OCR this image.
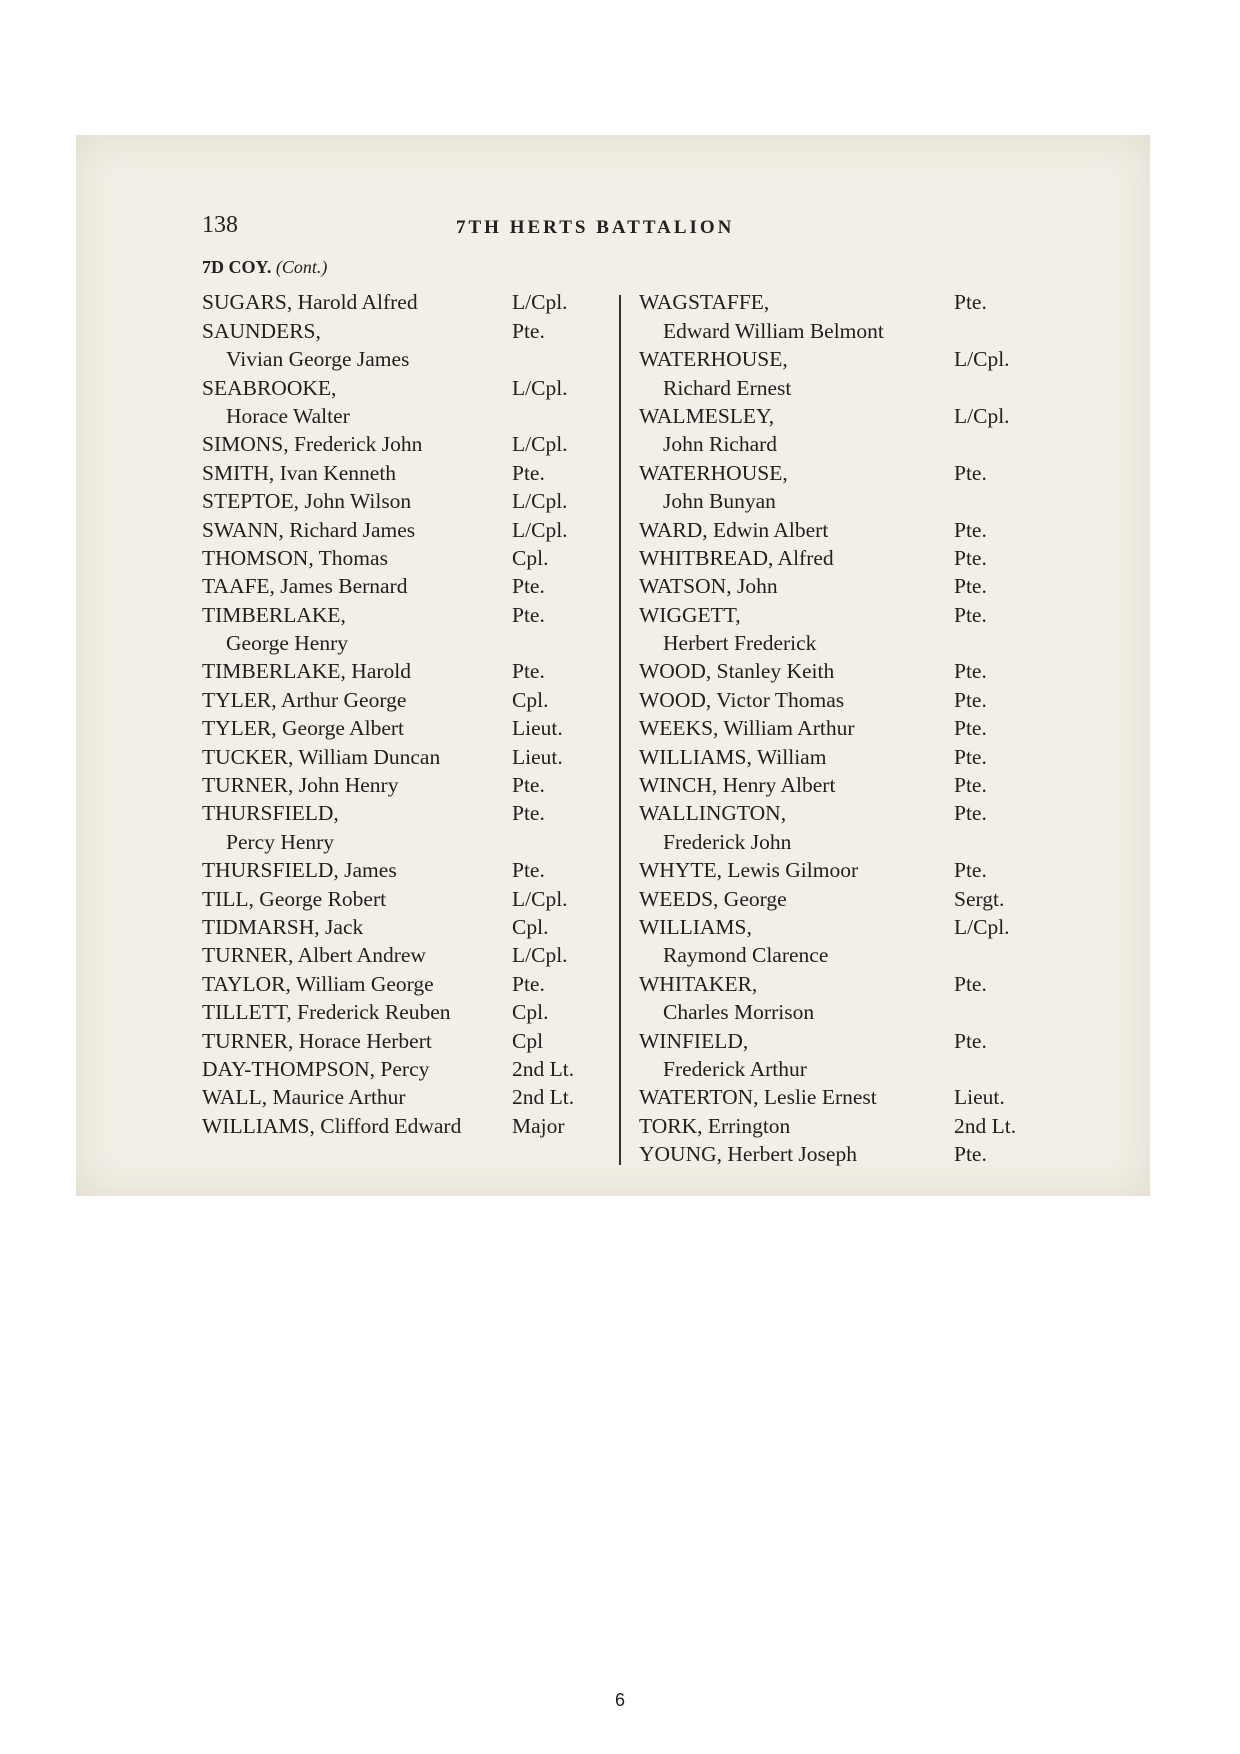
138	7TH HERTS BATTALION
7D COY. (Cont.)
SUGARS, Harold Alfred	L/Cpl.
SAUNDERS,	Pte.
Vivian George James
SEABROOKE,	L/Cpl.
Horace Walter
SIMONS, Frederick John	L/Cpl.
SMITH, Ivan Kenneth	Pte.
STEPTOE, John Wilson	L/Cpl.
SWANN, Richard James	L/Cpl.
THOMSON, Thomas	Cpl.
TAAFE, James Bernard	Pte.
TIMBERLAKE,	Pte.
George Henry
TIMBERLAKE, Harold	Pte.
TYLER, Arthur George	Cpl.
TYLER, George Albert	Lieut.
TUCKER, William Duncan	Lieut.
TURNER, John Henry	Pte.
THURSFIELD,	Pte.
Percy Henry
THURSFIELD, James	Pte.
TILL, George Robert	L/Cpl.
TIDMARSH, Jack	Cpl.
TURNER, Albert Andrew	L/Cpl.
TAYLOR, William George	Pte.
TILLETT, Frederick Reuben	Cpl.
TURNER, Horace Herbert	Cpl
DAY-THOMPSON, Percy	2nd Lt.
WALL, Maurice Arthur	2nd Lt.
WILLIAMS, Clifford Edward	Major
WAGSTAFFE,	Pte.
Edward William Belmont
WATERHOUSE,	L/Cpl.
Richard Ernest
WALMESLEY,	L/Cpl.
John Richard
WATERHOUSE,	Pte.
John Bunyan
WARD, Edwin Albert	Pte.
WHITBREAD, Alfred	Pte.
WATSON, John	Pte.
WIGGETT,	Pte.
Herbert Frederick
WOOD, Stanley Keith	Pte.
WOOD, Victor Thomas	Pte.
WEEKS, William Arthur	Pte.
WILLIAMS, William	Pte.
WINCH, Henry Albert	Pte.
WALLINGTON,	Pte.
Frederick John
WHYTE, Lewis Gilmoor	Pte.
WEEDS, George	Sergt.
WILLIAMS,	L/Cpl.
Raymond Clarence
WHITAKER,	Pte.
Charles Morrison
WINFIELD,	Pte.
Frederick Arthur
WATERTON, Leslie Ernest	Lieut.
TORK, Errington	2nd Lt.
YOUNG, Herbert Joseph	Pte.
6
